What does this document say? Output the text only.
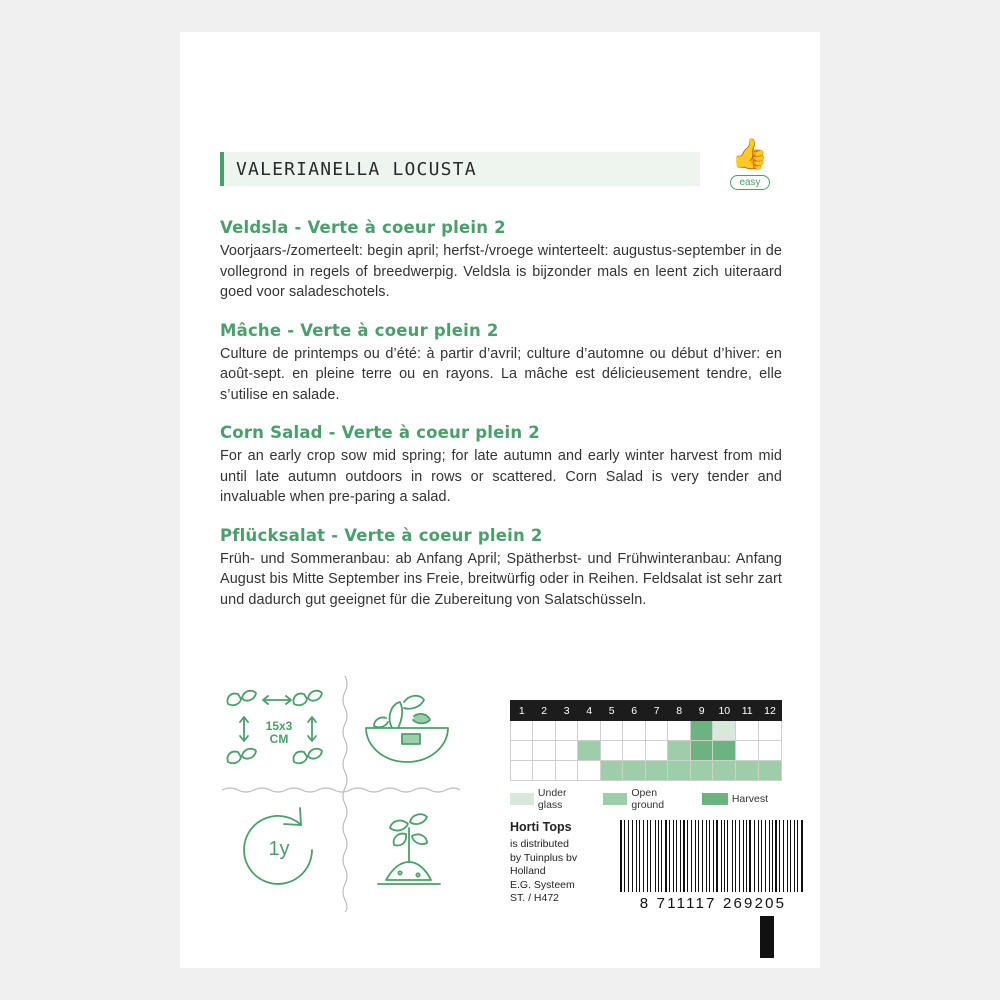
VALERIANELLA LOCUSTA	👍
easy
Veldsla - Verte à coeur plein 2

Voorjaars-/zomerteelt: begin april; herfst-/vroege winterteelt: augustus-september in de vollegrond in regels of breedwerpig. Veldsla is bijzonder mals en leent zich uiteraard goed voor saladeschotels.

Mâche - Verte à coeur plein 2

Culture de printemps ou d’été: à partir d’avril; culture d’automne ou début d’hiver: en août-sept. en pleine terre ou en rayons. La mâche est délicieusement tendre, elle s’utilise en salade.

Corn Salad - Verte à coeur plein 2

For an early crop sow mid spring; for late autumn and early winter harvest from mid until late autumn outdoors in rows or scattered. Corn Salad is very tender and invaluable when pre-paring a salad.

Pflücksalat - Verte à coeur plein 2

Früh- und Sommeranbau: ab Anfang April; Spätherbst- und Frühwinteranbau: Anfang August bis Mitte September ins Freie, breitwürfig oder in Reihen. Feldsalat ist sehr zart und dadurch gut geeignet für die Zubereitung von Salatschüsseln.

15x3
CM
1y
1	2	3	4	5	6	7	8	9	10	11	12

Under glass
Open ground	Harvest
Horti Tops
is distributed
by Tuinplus bv
Holland
E.G. Systeem
ST. / H472	8 711117 269205
